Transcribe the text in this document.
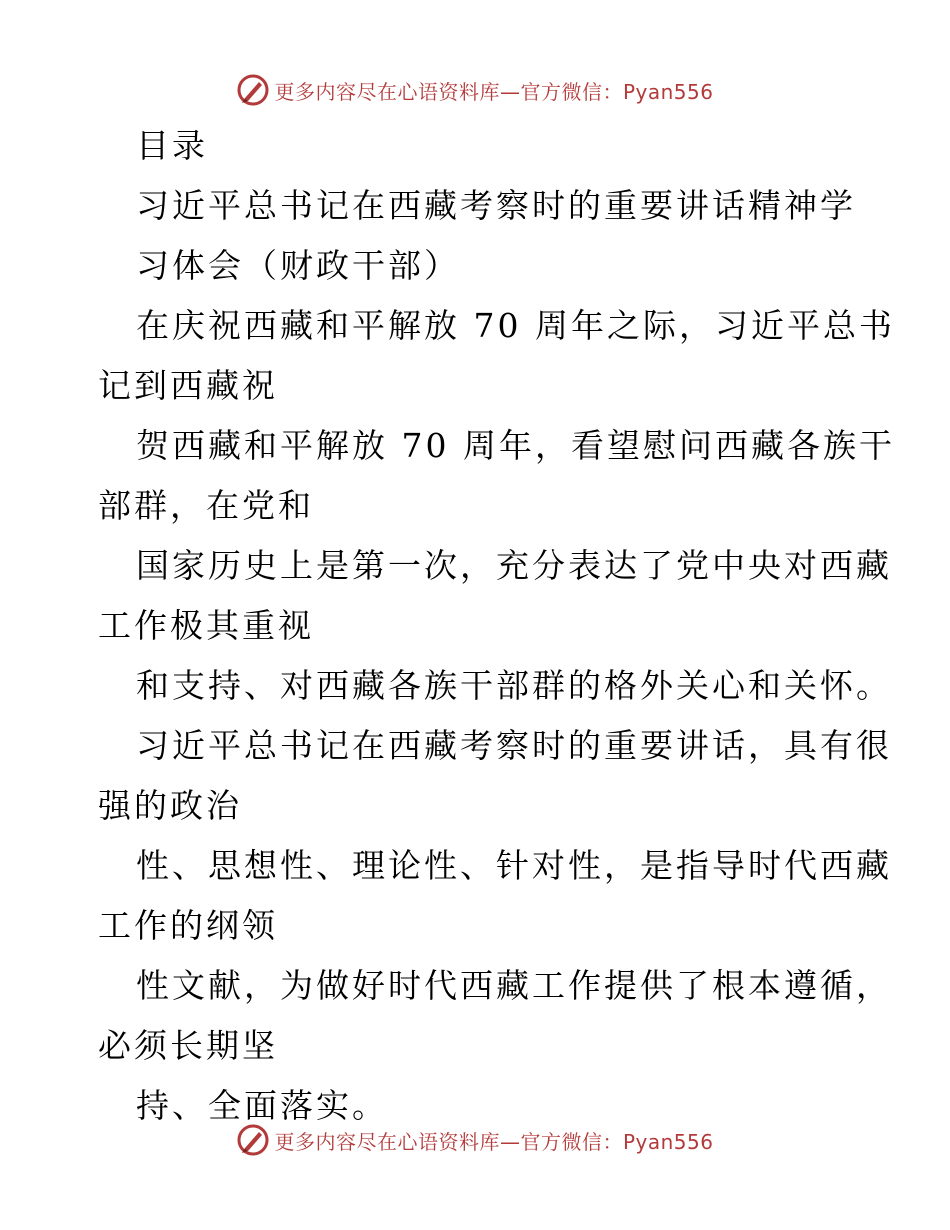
更多内容尽在心语资料库—官方微信：Pyan556
目录
习近平总书记在西藏考察时的重要讲话精神学
习体会（财政干部）
在庆祝西藏和平解放 70 周年之际，习近平总书
记到西藏祝
贺西藏和平解放 70 周年，看望慰问西藏各族干
部群，在党和
国家历史上是第一次，充分表达了党中央对西藏
工作极其重视
和支持、对西藏各族干部群的格外关心和关怀。
习近平总书记在西藏考察时的重要讲话，具有很
强的政治
性、思想性、理论性、针对性，是指导时代西藏
工作的纲领
性文献，为做好时代西藏工作提供了根本遵循，
必须长期坚
持、全面落实。
更多内容尽在心语资料库—官方微信：Pyan556
